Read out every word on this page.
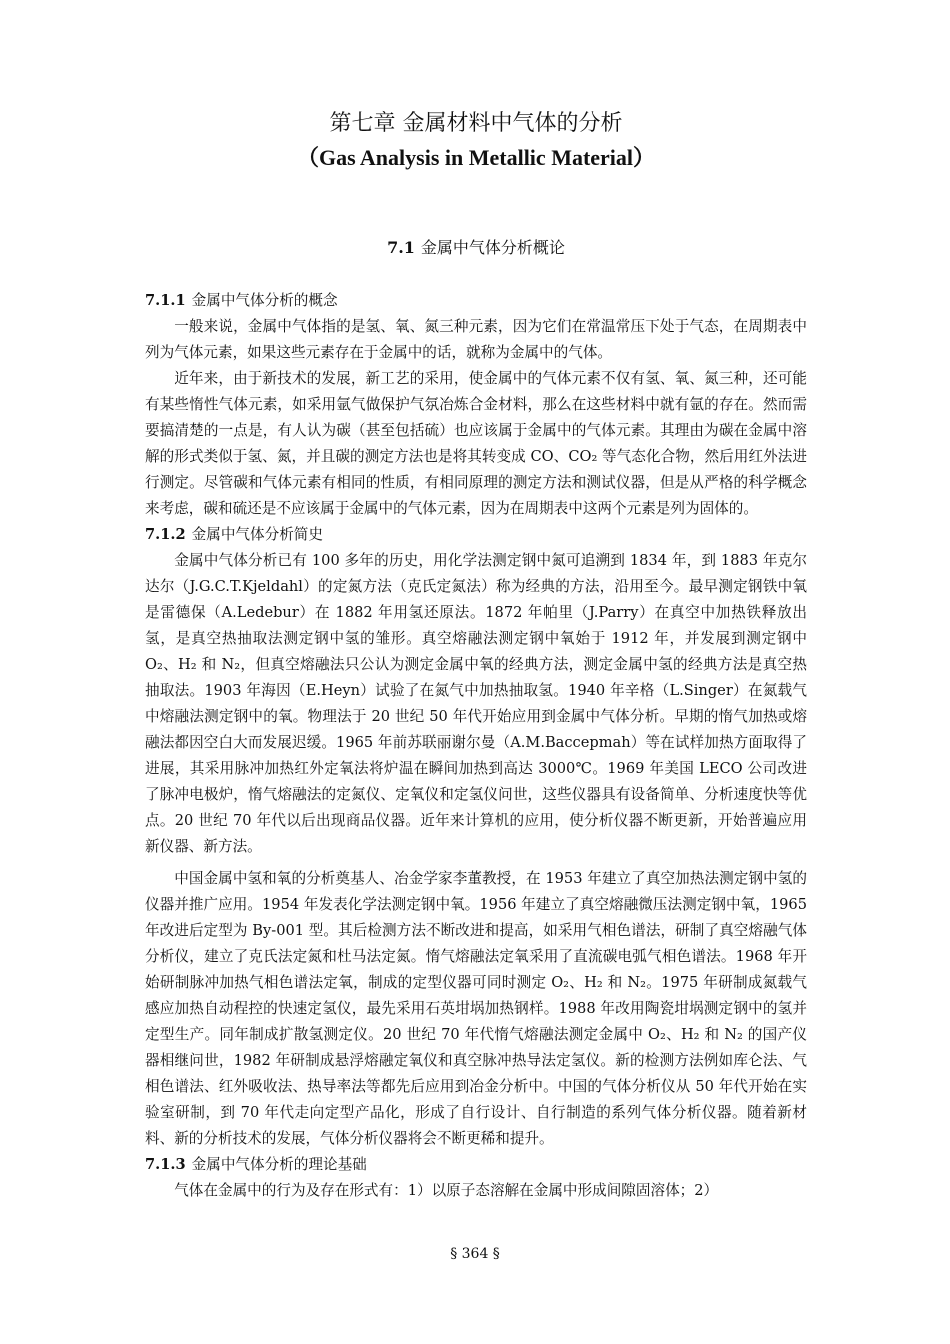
第七章 金属材料中气体的分析
（Gas Analysis in Metallic Material）
7.1 金属中气体分析概论
7.1.1 金属中气体分析的概念

一般来说，金属中气体指的是氢、氧、氮三种元素，因为它们在常温常压下处于气态，在周期表中列为气体元素，如果这些元素存在于金属中的话，就称为金属中的气体。

近年来，由于新技术的发展，新工艺的采用，使金属中的气体元素不仅有氢、氧、氮三种，还可能有某些惰性气体元素，如采用氩气做保护气氛冶炼合金材料，那么在这些材料中就有氩的存在。然而需要搞清楚的一点是，有人认为碳（甚至包括硫）也应该属于金属中的气体元素。其理由为碳在金属中溶解的形式类似于氢、氮，并且碳的测定方法也是将其转变成 CO、CO₂ 等气态化合物，然后用红外法进行测定。尽管碳和气体元素有相同的性质，有相同原理的测定方法和测试仪器，但是从严格的科学概念来考虑，碳和硫还是不应该属于金属中的气体元素，因为在周期表中这两个元素是列为固体的。

7.1.2 金属中气体分析简史

金属中气体分析已有 100 多年的历史，用化学法测定钢中氮可追溯到 1834 年，到 1883 年克尔达尔（J.G.C.T.Kjeldahl）的定氮方法（克氏定氮法）称为经典的方法，沿用至今。最早测定钢铁中氧是雷德保（A.Ledebur）在 1882 年用氢还原法。1872 年帕里（J.Parry）在真空中加热铁释放出氢，是真空热抽取法测定钢中氢的雏形。真空熔融法测定钢中氧始于 1912 年，并发展到测定钢中 O₂、H₂ 和 N₂，但真空熔融法只公认为测定金属中氧的经典方法，测定金属中氢的经典方法是真空热抽取法。1903 年海因（E.Heyn）试验了在氮气中加热抽取氢。1940 年辛格（L.Singer）在氮载气中熔融法测定钢中的氧。物理法于 20 世纪 50 年代开始应用到金属中气体分析。早期的惰气加热或熔融法都因空白大而发展迟缓。1965 年前苏联丽谢尔曼（A.M.Baccepmah）等在试样加热方面取得了进展，其采用脉冲加热红外定氧法将炉温在瞬间加热到高达 3000℃。1969 年美国 LECO 公司改进了脉冲电极炉，惰气熔融法的定氮仪、定氧仪和定氢仪问世，这些仪器具有设备简单、分析速度快等优点。20 世纪 70 年代以后出现商品仪器。近年来计算机的应用，使分析仪器不断更新，开始普遍应用新仪器、新方法。

中国金属中氢和氧的分析奠基人、冶金学家李董教授，在 1953 年建立了真空加热法测定钢中氢的仪器并推广应用。1954 年发表化学法测定钢中氧。1956 年建立了真空熔融微压法测定钢中氧，1965 年改进后定型为 By-001 型。其后检测方法不断改进和提高，如采用气相色谱法，研制了真空熔融气体分析仪，建立了克氏法定氮和杜马法定氮。惰气熔融法定氧采用了直流碳电弧气相色谱法。1968 年开始研制脉冲加热气相色谱法定氧，制成的定型仪器可同时测定 O₂、H₂ 和 N₂。1975 年研制成氮载气感应加热自动程控的快速定氢仪，最先采用石英坩埚加热钢样。1988 年改用陶瓷坩埚测定钢中的氢并定型生产。同年制成扩散氢测定仪。20 世纪 70 年代惰气熔融法测定金属中 O₂、H₂ 和 N₂ 的国产仪器相继问世，1982 年研制成悬浮熔融定氧仪和真空脉冲热导法定氢仪。新的检测方法例如库仑法、气相色谱法、红外吸收法、热导率法等都先后应用到冶金分析中。中国的气体分析仪从 50 年代开始在实验室研制，到 70 年代走向定型产品化，形成了自行设计、自行制造的系列气体分析仪器。随着新材料、新的分析技术的发展，气体分析仪器将会不断更稀和提升。

7.1.3 金属中气体分析的理论基础

气体在金属中的行为及存在形式有：1）以原子态溶解在金属中形成间隙固溶体；2）

§ 364 §
